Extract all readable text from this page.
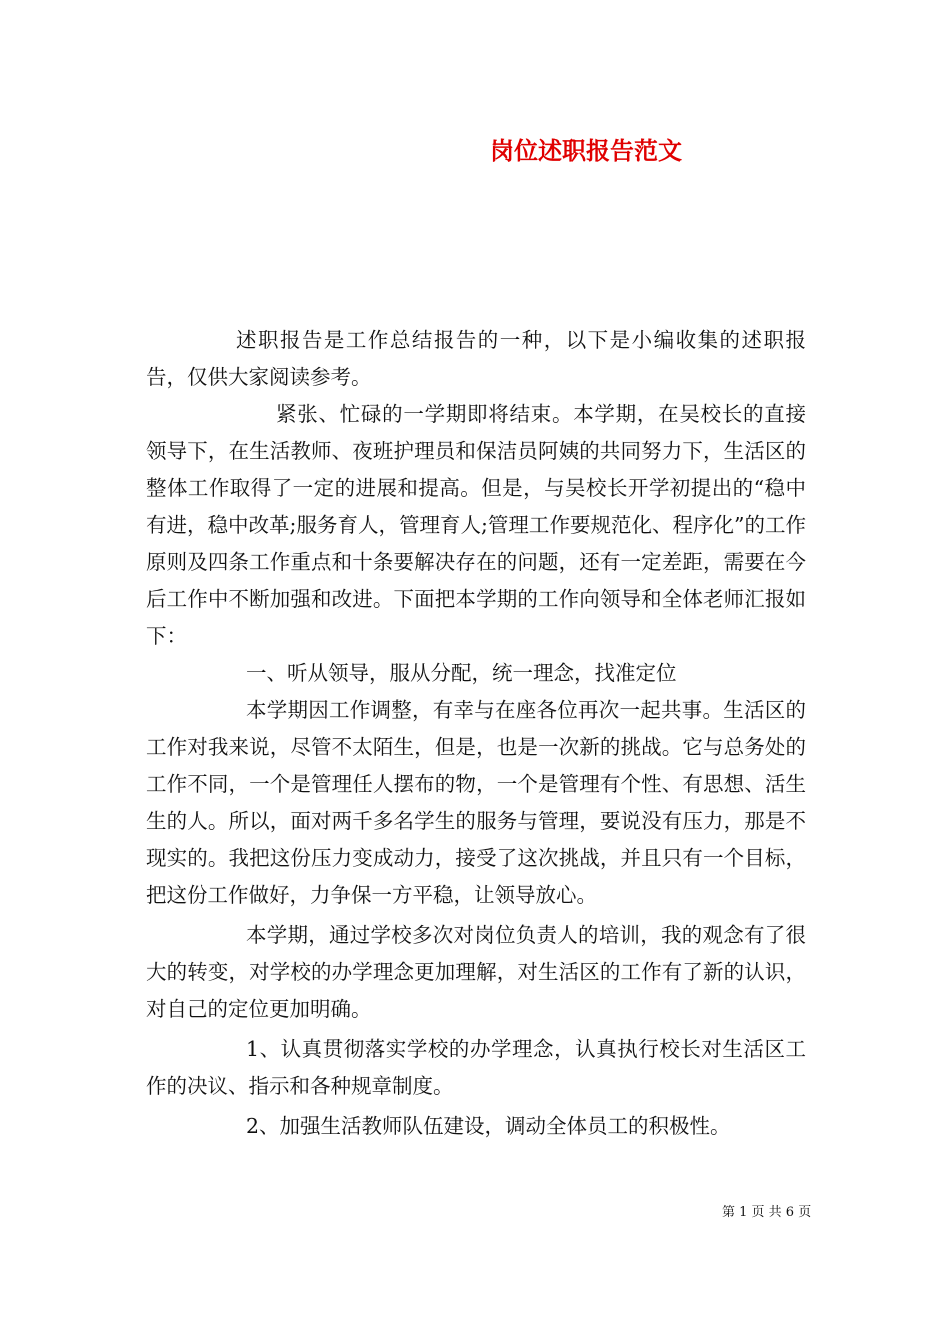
岗位述职报告范文

述职报告是工作总结报告的一种，以下是小编收集的述职报告，仅供大家阅读参考。

紧张、忙碌的一学期即将结束。本学期，在吴校长的直接领导下，在生活教师、夜班护理员和保洁员阿姨的共同努力下，生活区的整体工作取得了一定的进展和提高。但是，与吴校长开学初提出的“稳中有进，稳中改革;服务育人，管理育人;管理工作要规范化、程序化”的工作原则及四条工作重点和十条要解决存在的问题，还有一定差距，需要在今后工作中不断加强和改进。下面把本学期的工作向领导和全体老师汇报如下：

一、听从领导，服从分配，统一理念，找准定位

本学期因工作调整，有幸与在座各位再次一起共事。生活区的工作对我来说，尽管不太陌生，但是，也是一次新的挑战。它与总务处的工作不同，一个是管理任人摆布的物，一个是管理有个性、有思想、活生生的人。所以，面对两千多名学生的服务与管理，要说没有压力，那是不现实的。我把这份压力变成动力，接受了这次挑战，并且只有一个目标，把这份工作做好，力争保一方平稳，让领导放心。

本学期，通过学校多次对岗位负责人的培训，我的观念有了很大的转变，对学校的办学理念更加理解，对生活区的工作有了新的认识，对自己的定位更加明确。

1、认真贯彻落实学校的办学理念，认真执行校长对生活区工作的决议、指示和各种规章制度。

2、加强生活教师队伍建设，调动全体员工的积极性。

第 1 页 共 6 页
